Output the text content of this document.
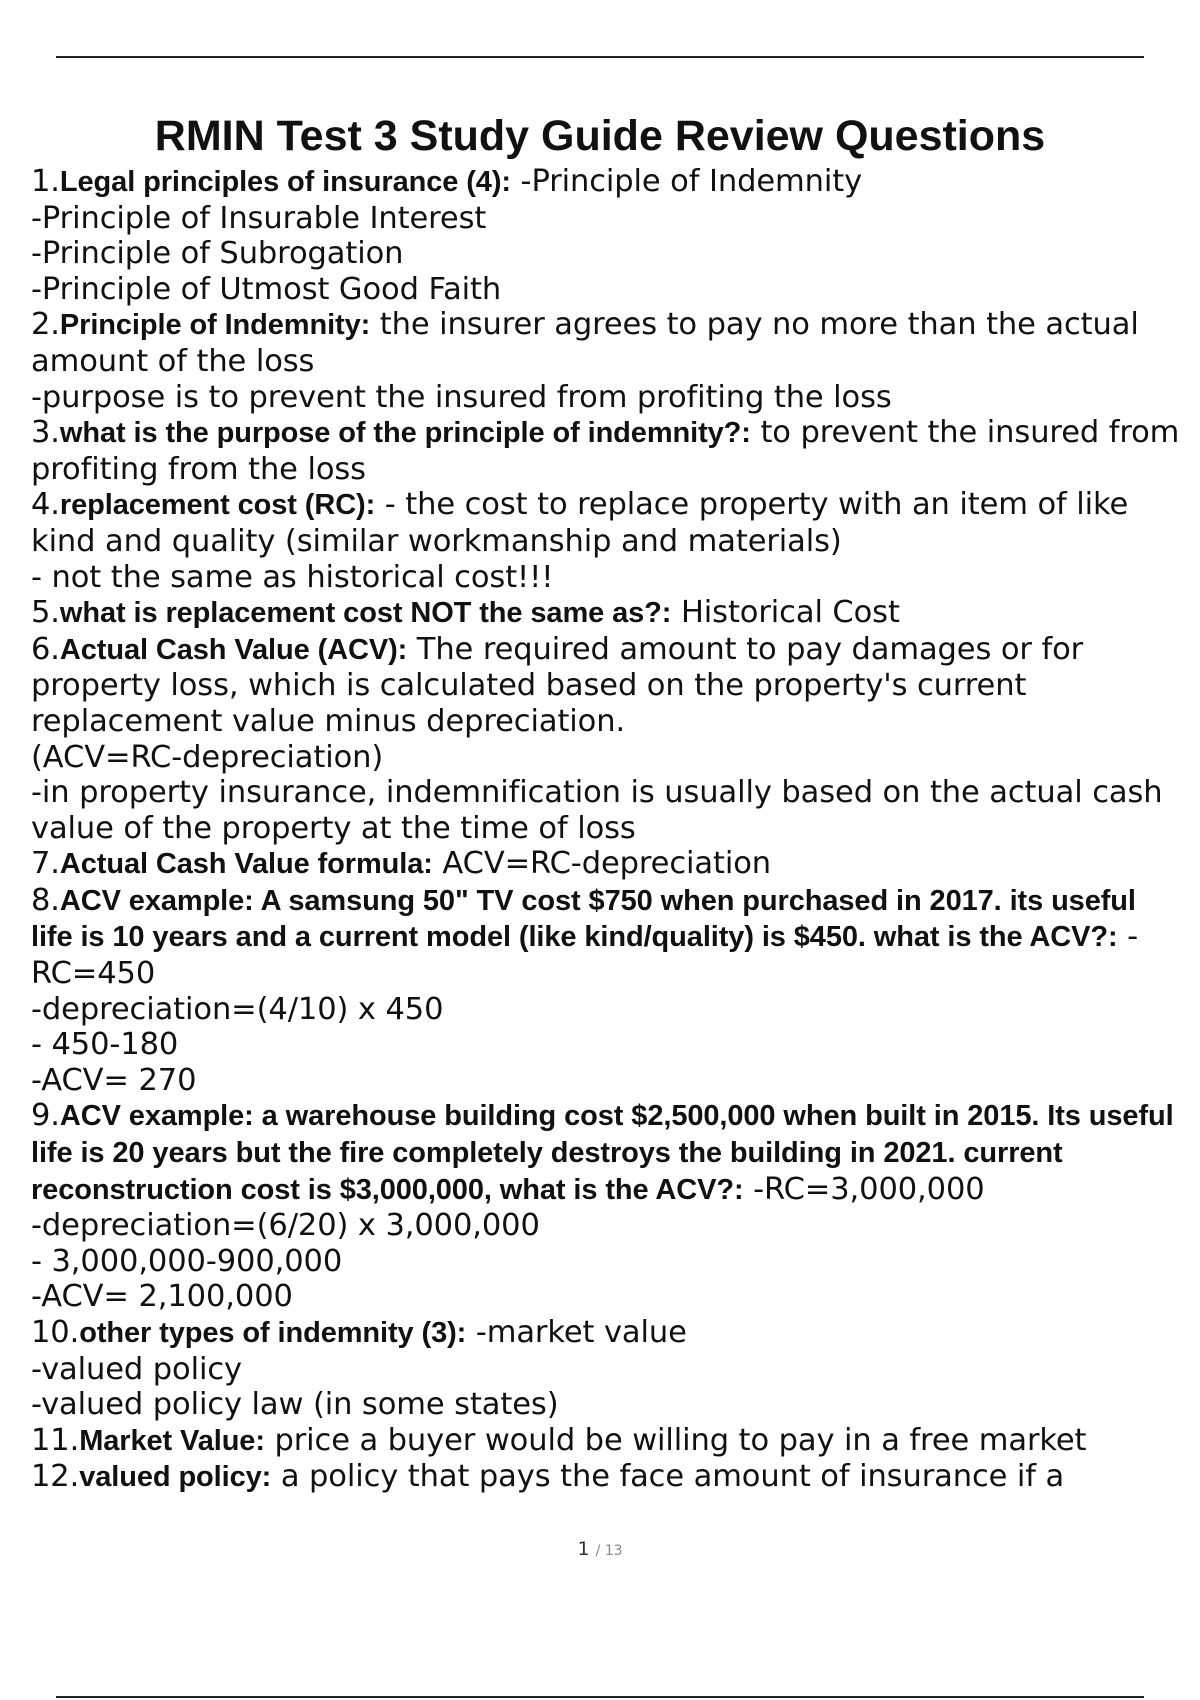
RMIN Test 3 Study Guide Review Questions

1.Legal principles of insurance (4): -Principle of Indemnity
-Principle of Insurable Interest
-Principle of Subrogation
-Principle of Utmost Good Faith

2.Principle of Indemnity: the insurer agrees to pay no more than the actual amount of the loss
-purpose is to prevent the insured from profiting the loss

3.what is the purpose of the principle of indemnity?: to prevent the insured from profiting from the loss

4.replacement cost (RC): - the cost to replace property with an item of like kind and quality (similar workmanship and materials)
- not the same as historical cost!!!

5.what is replacement cost NOT the same as?: Historical Cost

6.Actual Cash Value (ACV): The required amount to pay damages or for property loss, which is calculated based on the property's current replacement value minus depreciation.
(ACV=RC-depreciation)
-in property insurance, indemnification is usually based on the actual cash value of the property at the time of loss

7.Actual Cash Value formula: ACV=RC-depreciation

8.ACV example: A samsung 50" TV cost $750 when purchased in 2017. its useful life is 10 years and a current model (like kind/quality) is $450. what is the ACV?: -RC=450
-depreciation=(4/10) x 450
- 450-180
-ACV= 270

9.ACV example: a warehouse building cost $2,500,000 when built in 2015. Its useful life is 20 years but the fire completely destroys the building in 2021. current reconstruction cost is $3,000,000, what is the ACV?: -RC=3,000,000
-depreciation=(6/20) x 3,000,000
- 3,000,000-900,000
-ACV= 2,100,000

10.other types of indemnity (3): -market value
-valued policy
-valued policy law (in some states)

11.Market Value: price a buyer would be willing to pay in a free market

12.valued policy: a policy that pays the face amount of insurance if a

1 / 13
